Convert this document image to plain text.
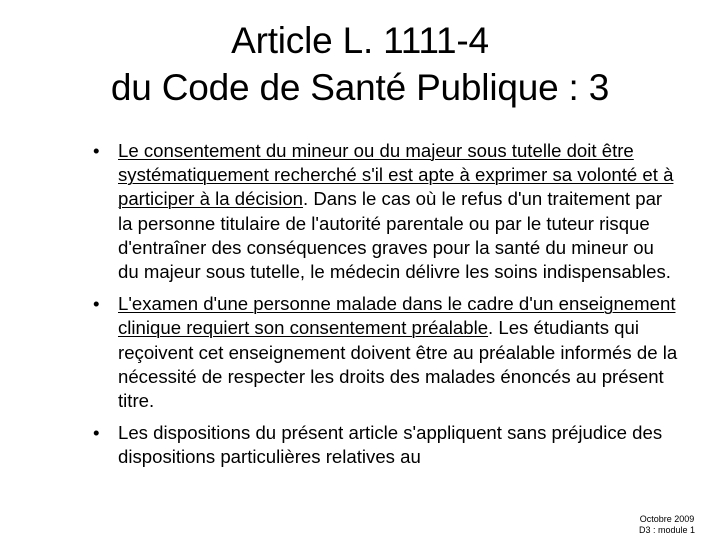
Article L. 1111-4
du Code de Santé Publique : 3
• Le consentement du mineur ou du majeur sous tutelle doit être systématiquement recherché s'il est apte à exprimer sa volonté et à participer à la décision. Dans le cas où le refus d'un traitement par la personne titulaire de l'autorité parentale ou par le tuteur risque d'entraîner des conséquences graves pour la santé du mineur ou du majeur sous tutelle, le médecin délivre les soins indispensables.
• L'examen d'une personne malade dans le cadre d'un enseignement clinique requiert son consentement préalable. Les étudiants qui reçoivent cet enseignement doivent être au préalable informés de la nécessité de respecter les droits des malades énoncés au présent titre.
• Les dispositions du présent article s'appliquent sans préjudice des dispositions particulières relatives au
Octobre 2009
D3 : module 1
